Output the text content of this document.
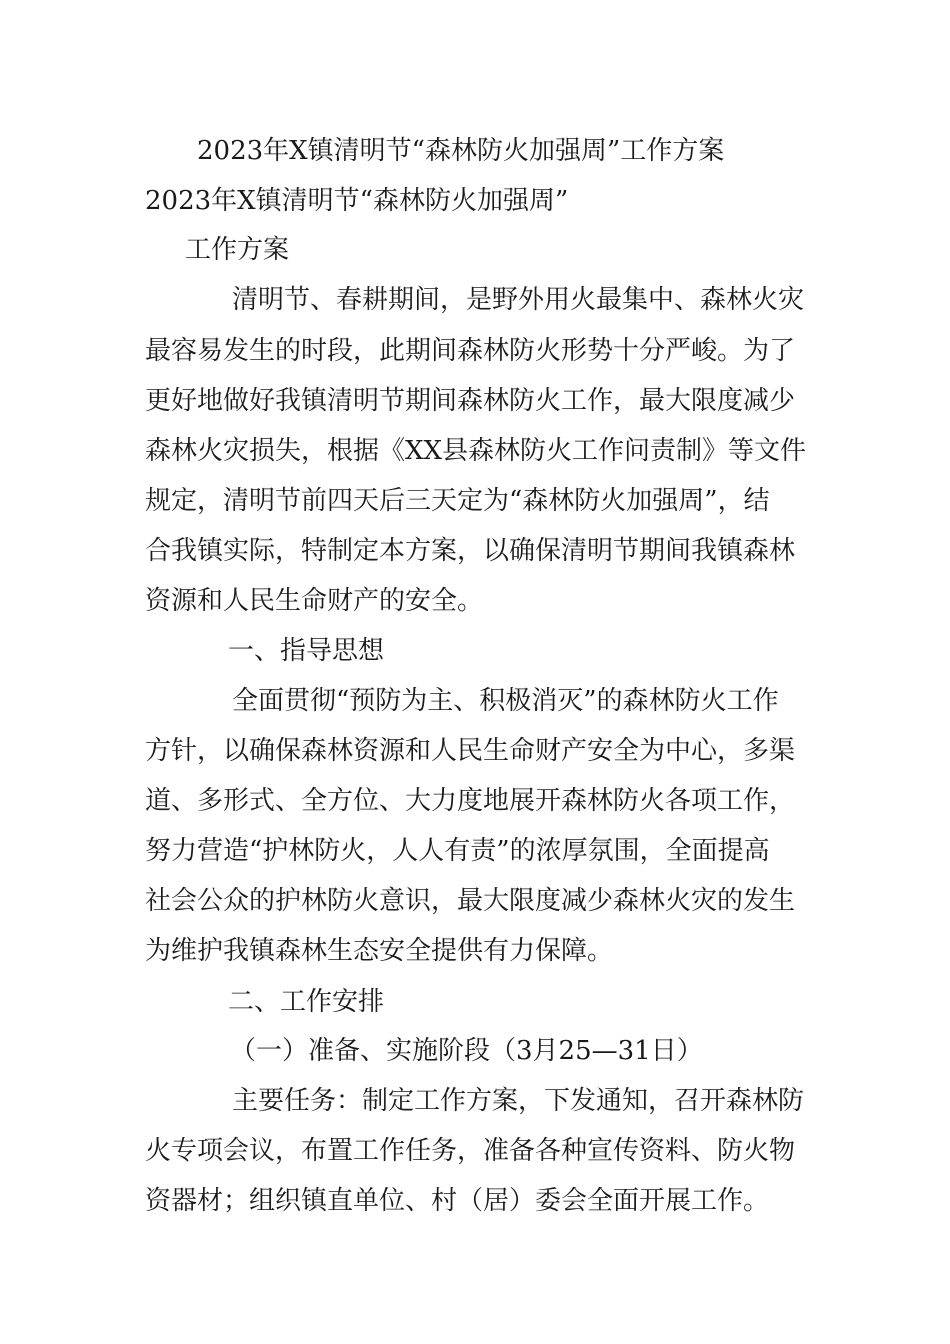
2023年X镇清明节“森林防火加强周”工作方案
2023年X镇清明节“森林防火加强周”
工作方案
清明节、春耕期间，是野外用火最集中、森林火灾
最容易发生的时段，此期间森林防火形势十分严峻。为了
更好地做好我镇清明节期间森林防火工作，最大限度减少
森林火灾损失，根据《XX县森林防火工作问责制》等文件
规定，清明节前四天后三天定为“森林防火加强周”，结
合我镇实际，特制定本方案，以确保清明节期间我镇森林
资源和人民生命财产的安全。
一、指导思想
全面贯彻“预防为主、积极消灭”的森林防火工作
方针，以确保森林资源和人民生命财产安全为中心，多渠
道、多形式、全方位、大力度地展开森林防火各项工作，
努力营造“护林防火，人人有责”的浓厚氛围，全面提高
社会公众的护林防火意识，最大限度减少森林火灾的发生
为维护我镇森林生态安全提供有力保障。
二、工作安排
（一）准备、实施阶段（3月25—31日）
主要任务：制定工作方案，下发通知，召开森林防
火专项会议，布置工作任务，准备各种宣传资料、防火物
资器材；组织镇直单位、村（居）委会全面开展工作。
